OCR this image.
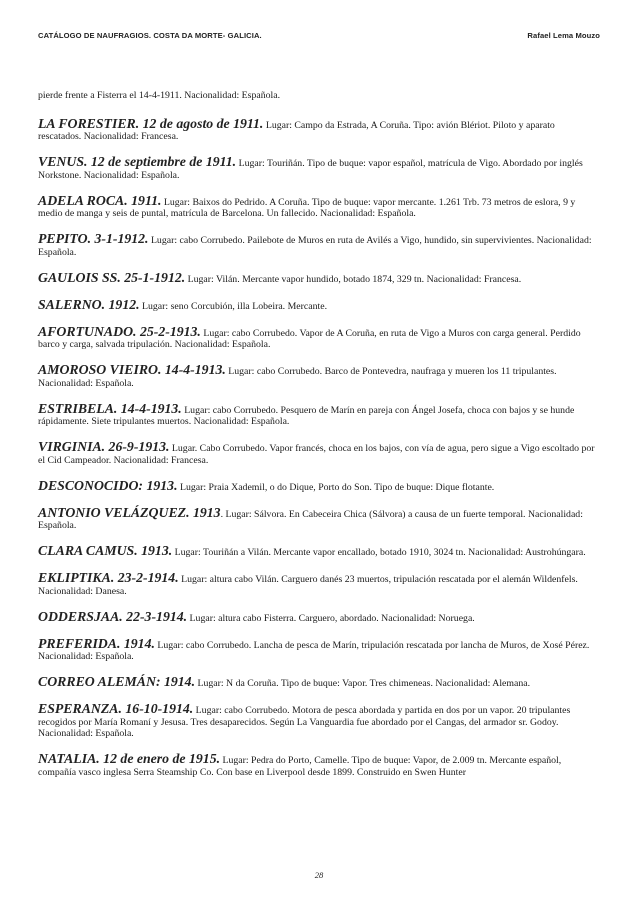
CATÁLOGO DE NAUFRAGIOS. COSTA DA MORTE- GALICIA.	Rafael Lema Mouzo

pierde frente a Fisterra el 14-4-1911. Nacionalidad: Española.

LA FORESTIER. 12 de agosto de 1911. Lugar: Campo da Estrada, A Coruña. Tipo: avión Blériot. Piloto y aparato rescatados. Nacionalidad: Francesa.

VENUS. 12 de septiembre de 1911. Lugar: Touriñán. Tipo de buque: vapor español, matrícula de Vigo. Abordado por inglés Norkstone. Nacionalidad: Española.

ADELA ROCA. 1911. Lugar: Baixos do Pedrido. A Coruña. Tipo de buque: vapor mercante. 1.261 Trb. 73 metros de eslora, 9 y medio de manga y seis de puntal, matrícula de Barcelona. Un fallecido. Nacionalidad: Española.

PEPITO. 3-1-1912. Lugar: cabo Corrubedo. Pailebote de Muros en ruta de Avilés a Vigo, hundido, sin supervivientes. Nacionalidad: Española.

GAULOIS SS. 25-1-1912. Lugar: Vilán. Mercante vapor hundido, botado 1874, 329 tn. Nacionalidad: Francesa.

SALERNO. 1912. Lugar: seno Corcubión, illa Lobeira. Mercante.

AFORTUNADO. 25-2-1913. Lugar: cabo Corrubedo. Vapor de A Coruña, en ruta de Vigo a Muros con carga general. Perdido barco y carga, salvada tripulación. Nacionalidad: Española.

AMOROSO VIEIRO. 14-4-1913. Lugar: cabo Corrubedo. Barco de Pontevedra, naufraga y mueren los 11 tripulantes. Nacionalidad: Española.

ESTRIBELA. 14-4-1913. Lugar: cabo Corrubedo. Pesquero de Marín en pareja con Ángel Josefa, choca con bajos y se hunde rápidamente. Siete tripulantes muertos. Nacionalidad: Española.

VIRGINIA. 26-9-1913. Lugar. Cabo Corrubedo. Vapor francés, choca en los bajos, con vía de agua, pero sigue a Vigo escoltado por el Cid Campeador. Nacionalidad: Francesa.

DESCONOCIDO: 1913. Lugar: Praia Xademil, o do Dique, Porto do Son. Tipo de buque: Dique flotante.

ANTONIO VELÁZQUEZ. 1913. Lugar: Sálvora. En Cabeceira Chica (Sálvora) a causa de un fuerte temporal. Nacionalidad: Española.

CLARA CAMUS. 1913. Lugar: Touriñán a Vilán. Mercante vapor encallado, botado 1910, 3024 tn. Nacionalidad: Austrohúngara.

EKLIPTIKA. 23-2-1914. Lugar: altura cabo Vilán. Carguero danés 23 muertos, tripulación rescatada por el alemán Wildenfels. Nacionalidad: Danesa.

ODDERSJAA. 22-3-1914. Lugar: altura cabo Fisterra. Carguero, abordado. Nacionalidad: Noruega.

PREFERIDA. 1914. Lugar: cabo Corrubedo. Lancha de pesca de Marín, tripulación rescatada por lancha de Muros, de Xosé Pérez. Nacionalidad: Española.

CORREO ALEMÁN: 1914. Lugar: N da Coruña. Tipo de buque: Vapor. Tres chimeneas. Nacionalidad: Alemana.

ESPERANZA. 16-10-1914. Lugar: cabo Corrubedo. Motora de pesca abordada y partida en dos por un vapor. 20 tripulantes recogidos por María Romaní y Jesusa. Tres desaparecidos. Según La Vanguardia fue abordado por el Cangas, del armador sr. Godoy. Nacionalidad: Española.

NATALIA. 12 de enero de 1915. Lugar: Pedra do Porto, Camelle. Tipo de buque: Vapor, de 2.009 tn. Mercante español, compañía vasco inglesa Serra Steamship Co. Con base en Liverpool desde 1899. Construido en Swen Hunter

28
